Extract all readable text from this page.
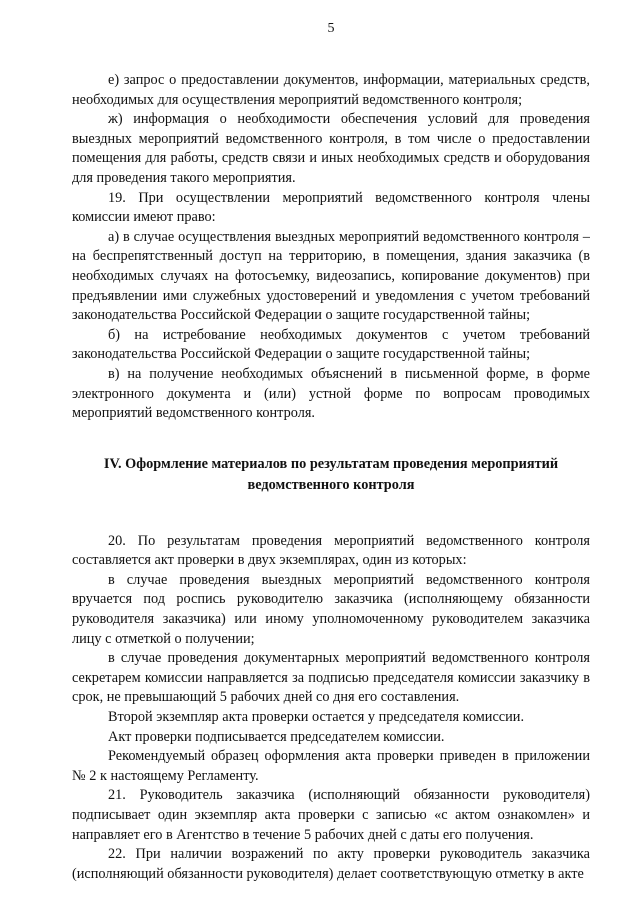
5

е) запрос о предоставлении документов, информации, материальных средств, необходимых для осуществления мероприятий ведомственного контроля;

ж) информация о необходимости обеспечения условий для проведения выездных мероприятий ведомственного контроля, в том числе о предоставлении помещения для работы, средств связи и иных необходимых средств и оборудования для проведения такого мероприятия.

19. При осуществлении мероприятий ведомственного контроля члены комиссии имеют право:

а) в случае осуществления выездных мероприятий ведомственного контроля – на беспрепятственный доступ на территорию, в помещения, здания заказчика (в необходимых случаях на фотосъемку, видеозапись, копирование документов) при предъявлении ими служебных удостоверений и уведомления с учетом требований законодательства Российской Федерации о защите государственной тайны;

б) на истребование необходимых документов с учетом требований законодательства Российской Федерации о защите государственной тайны;

в) на получение необходимых объяснений в письменной форме, в форме электронного документа и (или) устной форме по вопросам проводимых мероприятий ведомственного контроля.

IV. Оформление материалов по результатам проведения мероприятий ведомственного контроля

20. По результатам проведения мероприятий ведомственного контроля составляется акт проверки в двух экземплярах, один из которых:

в случае проведения выездных мероприятий ведомственного контроля вручается под роспись руководителю заказчика (исполняющему обязанности руководителя заказчика) или иному уполномоченному руководителем заказчика лицу с отметкой о получении;

в случае проведения документарных мероприятий ведомственного контроля секретарем комиссии направляется за подписью председателя комиссии заказчику в срок, не превышающий 5 рабочих дней со дня его составления.

Второй экземпляр акта проверки остается у председателя комиссии.

Акт проверки подписывается председателем комиссии.

Рекомендуемый образец оформления акта проверки приведен в приложении № 2 к настоящему Регламенту.

21. Руководитель заказчика (исполняющий обязанности руководителя) подписывает один экземпляр акта проверки с записью «с актом ознакомлен» и направляет его в Агентство в течение 5 рабочих дней с даты его получения.

22. При наличии возражений по акту проверки руководитель заказчика (исполняющий обязанности руководителя) делает соответствующую отметку в акте
